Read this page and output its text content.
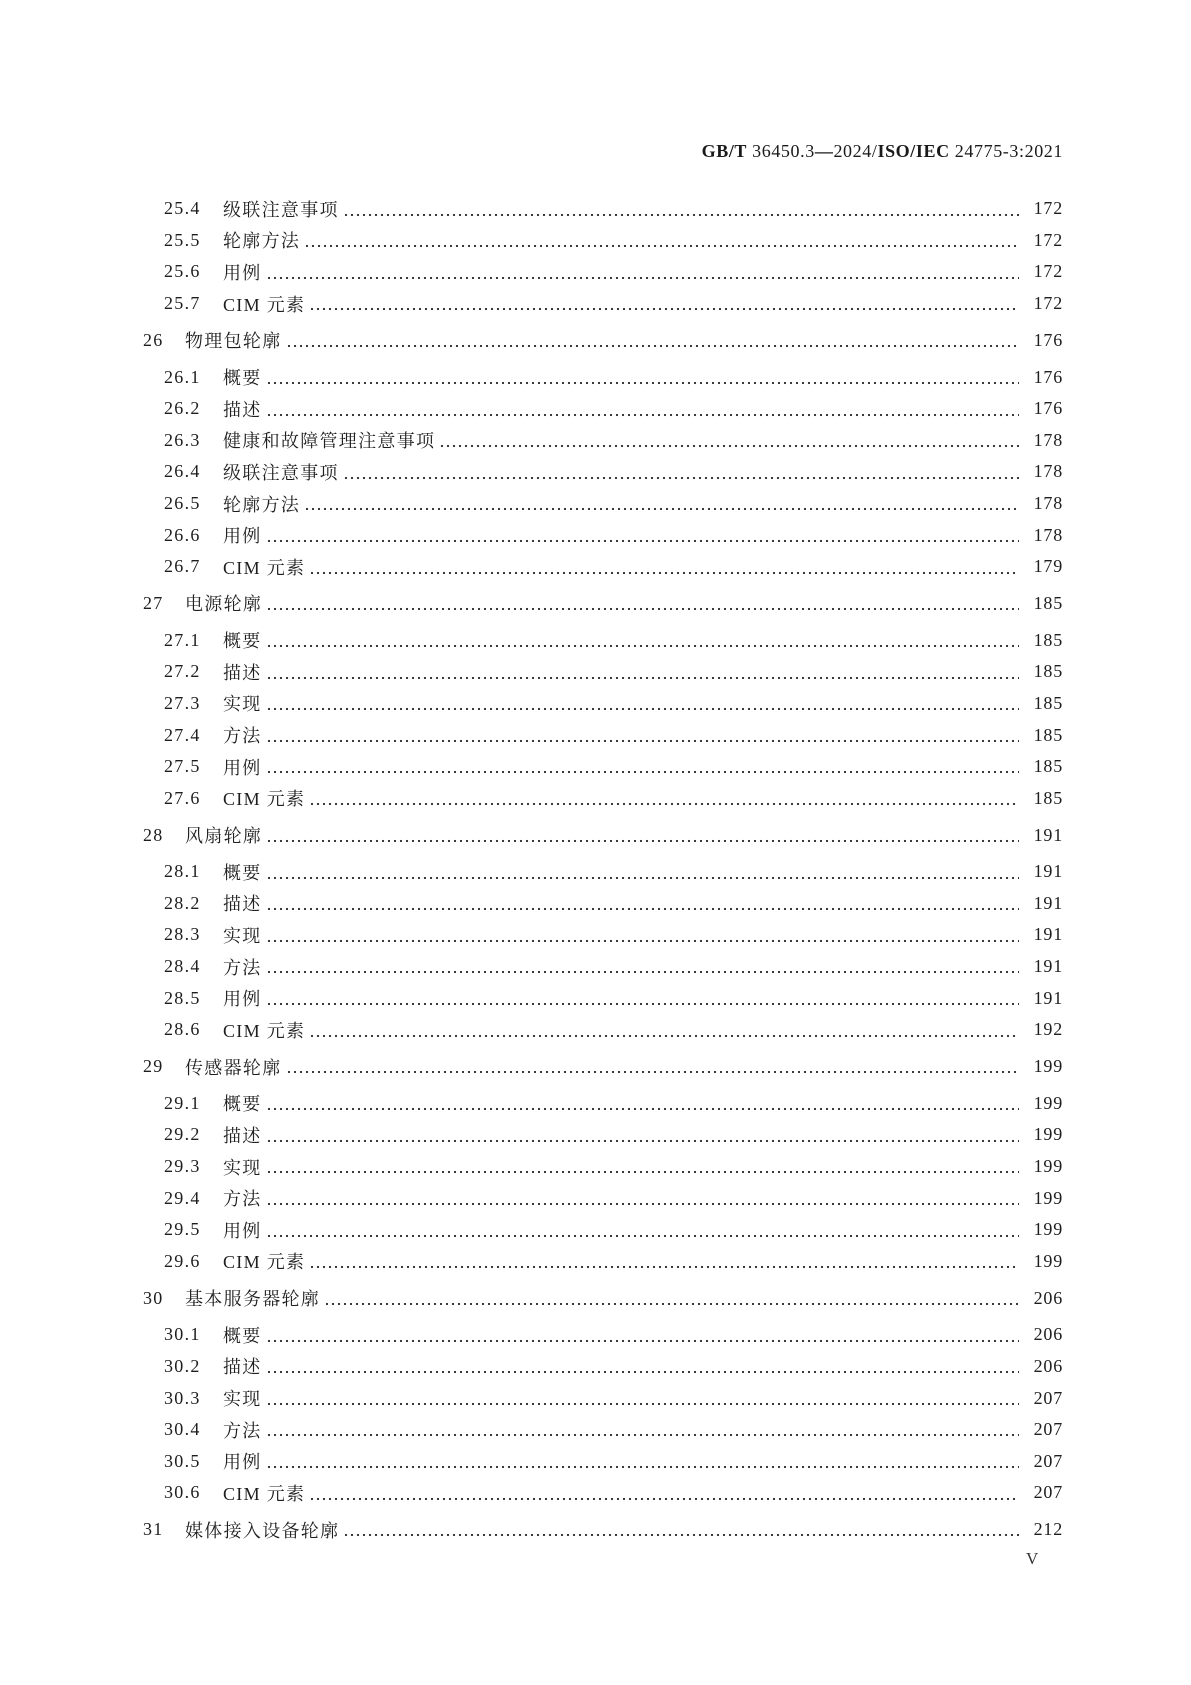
GB/T 36450.3—2024/ISO/IEC 24775-3:2021
25.4	级联注意事项	172
25.5	轮廓方法	172
25.6	用例	172
25.7	CIM 元素	172
26	物理包轮廓	176
26.1	概要	176
26.2	描述	176
26.3	健康和故障管理注意事项	178
26.4	级联注意事项	178
26.5	轮廓方法	178
26.6	用例	178
26.7	CIM 元素	179
27	电源轮廓	185
27.1	概要	185
27.2	描述	185
27.3	实现	185
27.4	方法	185
27.5	用例	185
27.6	CIM 元素	185
28	风扇轮廓	191
28.1	概要	191
28.2	描述	191
28.3	实现	191
28.4	方法	191
28.5	用例	191
28.6	CIM 元素	192
29	传感器轮廓	199
29.1	概要	199
29.2	描述	199
29.3	实现	199
29.4	方法	199
29.5	用例	199
29.6	CIM 元素	199
30	基本服务器轮廓	206
30.1	概要	206
30.2	描述	206
30.3	实现	207
30.4	方法	207
30.5	用例	207
30.6	CIM 元素	207
31	媒体接入设备轮廓	212
V
